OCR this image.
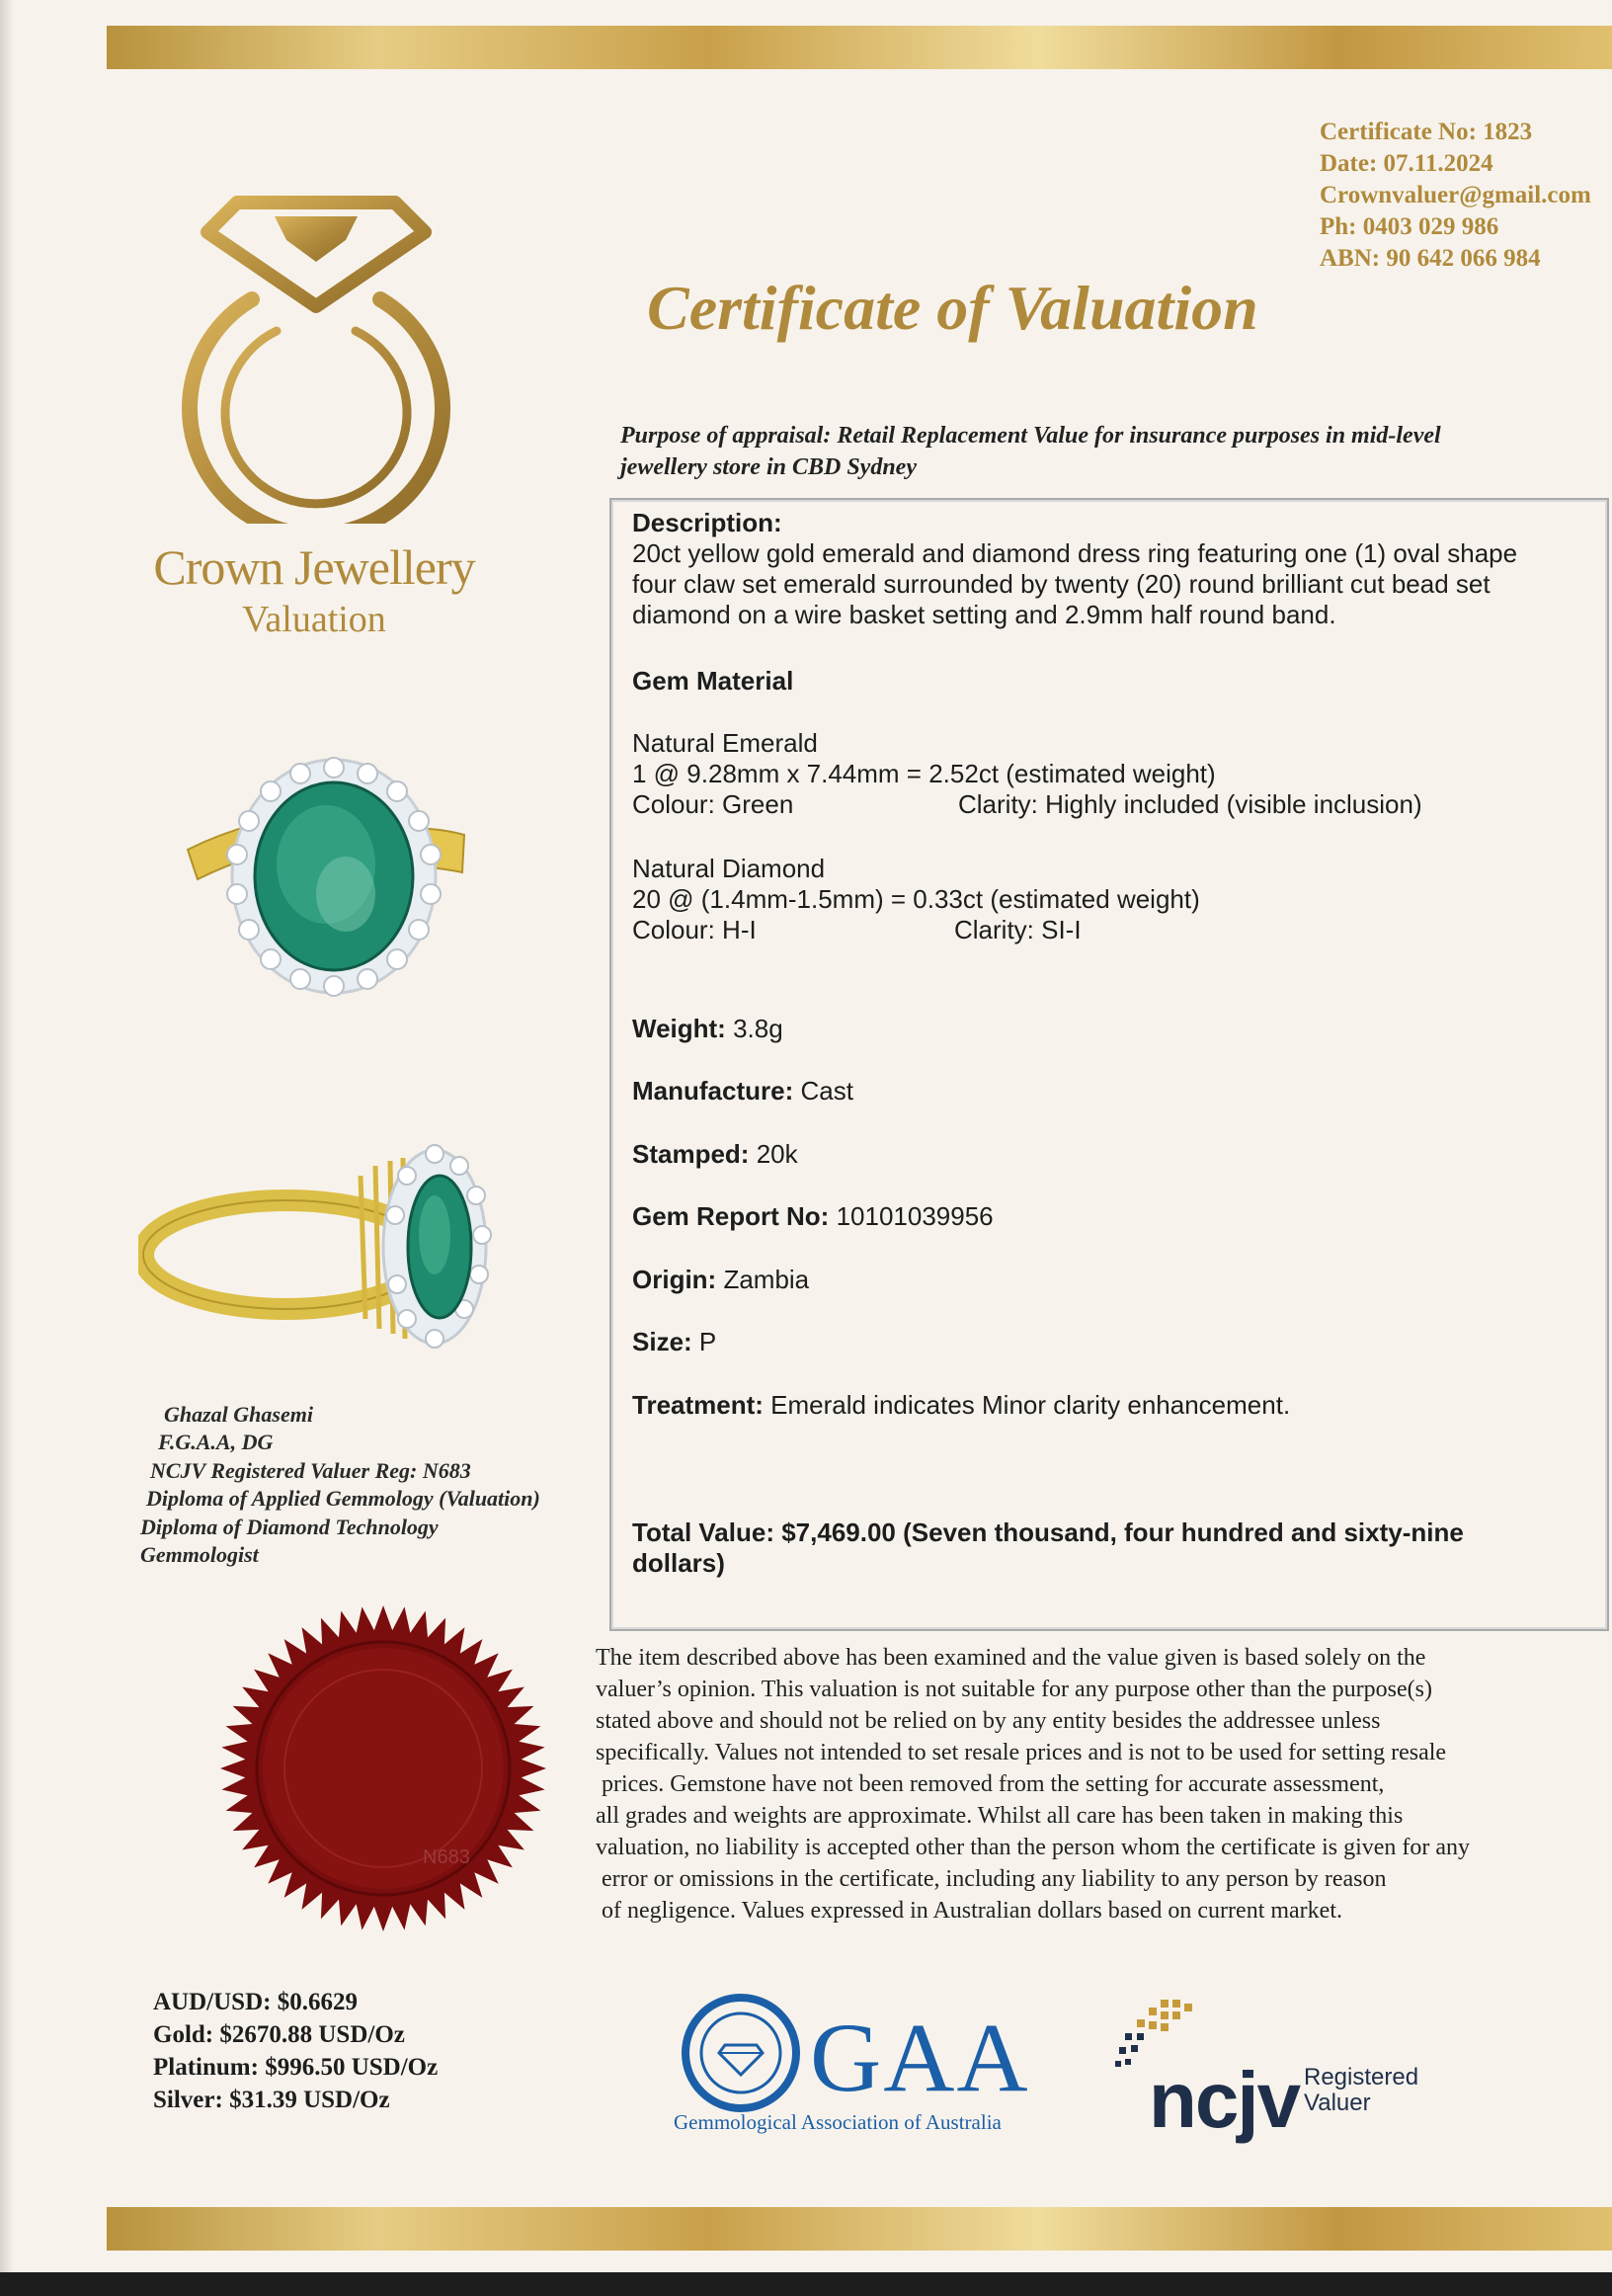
Crown Jewellery
Valuation
Certificate No: 1823
Date: 07.11.2024
Crownvaluer@gmail.com
Ph: 0403 029 986
ABN: 90 642 066 984
Certificate of Valuation
Purpose of appraisal: Retail Replacement Value for insurance purposes in mid-level
jewellery store in CBD Sydney
Description:
20ct yellow gold emerald and diamond dress ring featuring one (1) oval shape
four claw set emerald surrounded by twenty (20) round brilliant cut bead set
diamond on a wire basket setting and 2.9mm half round band.
Gem Material
Natural Emerald
1 @ 9.28mm x 7.44mm = 2.52ct (estimated weight)
Colour: Green	Clarity: Highly included (visible inclusion)
Natural Diamond
20 @ (1.4mm-1.5mm) = 0.33ct (estimated weight)
Colour: H-I	Clarity: SI-I
Weight: 3.8g
Manufacture: Cast
Stamped: 20k
Gem Report No: 10101039956
Origin: Zambia
Size: P
Treatment: Emerald indicates Minor clarity enhancement.
Total Value: $7,469.00 (Seven thousand, four hundred and sixty-nine
dollars)
Ghazal Ghasemi
F.G.A.A, DG
NCJV Registered Valuer Reg: N683
Diploma of Applied Gemmology (Valuation)
Diploma of Diamond Technology
Gemmologist
N683
AUD/USD: $0.6629
Gold: $2670.88 USD/Oz
Platinum: $996.50 USD/Oz
Silver: $31.39 USD/Oz
The item described above has been examined and the value given is based solely on the
valuer’s opinion. This valuation is not suitable for any purpose other than the purpose(s)
stated above and should not be relied on by any entity besides the addressee unless
specifically. Values not intended to set resale prices and is not to be used for setting resale
prices. Gemstone have not been removed from the setting for accurate assessment,
all grades and weights are approximate. Whilst all care has been taken in making this
valuation, no liability is accepted other than the person whom the certificate is given for any
error or omissions in the certificate, including any liability to any person by reason
of negligence. Values expressed in Australian dollars based on current market.
GAA
Gemmological Association of Australia ncjv Registered
Valuer
